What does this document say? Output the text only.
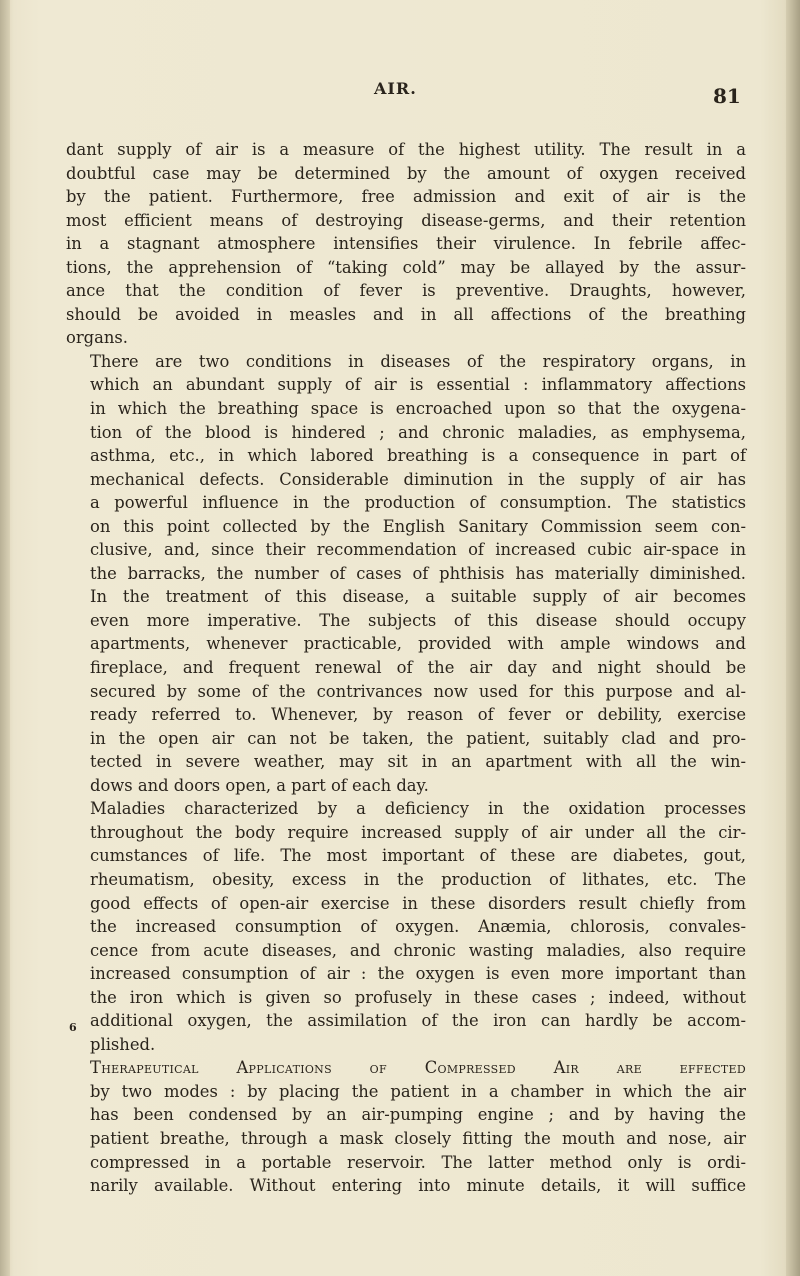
AIR.	81

dant supply of air is a measure of the highest utility. The result in a
doubtful case may be determined by the amount of oxygen received
by the patient. Furthermore, free admission and exit of air is the
most efficient means of destroying disease-germs, and their retention
in a stagnant atmosphere intensifies their virulence. In febrile affec-
tions, the apprehension of “taking cold” may be allayed by the assur-
ance that the condition of fever is preventive. Draughts, however,
should be avoided in measles and in all affections of the breathing
organs.

There are two conditions in diseases of the respiratory organs, in
which an abundant supply of air is essential : inflammatory affections
in which the breathing space is encroached upon so that the oxygena-
tion of the blood is hindered ; and chronic maladies, as emphysema,
asthma, etc., in which labored breathing is a consequence in part of
mechanical defects. Considerable diminution in the supply of air has
a powerful influence in the production of consumption. The statistics
on this point collected by the English Sanitary Commission seem con-
clusive, and, since their recommendation of increased cubic air-space in
the barracks, the number of cases of phthisis has materially diminished.
In the treatment of this disease, a suitable supply of air becomes
even more imperative. The subjects of this disease should occupy
apartments, whenever practicable, provided with ample windows and
fireplace, and frequent renewal of the air day and night should be
secured by some of the contrivances now used for this purpose and al-
ready referred to. Whenever, by reason of fever or debility, exercise
in the open air can not be taken, the patient, suitably clad and pro-
tected in severe weather, may sit in an apartment with all the win-
dows and doors open, a part of each day.

Maladies characterized by a deficiency in the oxidation processes
throughout the body require increased supply of air under all the cir-
cumstances of life. The most important of these are diabetes, gout,
rheumatism, obesity, excess in the production of lithates, etc. The
good effects of open-air exercise in these disorders result chiefly from
the increased consumption of oxygen. Anæmia, chlorosis, convales-
cence from acute diseases, and chronic wasting maladies, also require
increased consumption of air : the oxygen is even more important than
the iron which is given so profusely in these cases ; indeed, without
additional oxygen, the assimilation of the iron can hardly be accom-
plished.

Therapeutical Applications of Compressed Air are effected
by two modes : by placing the patient in a chamber in which the air
has been condensed by an air-pumping engine ; and by having the
patient breathe, through a mask closely fitting the mouth and nose, air
compressed in a portable reservoir. The latter method only is ordi-
narily available. Without entering into minute details, it will suffice

6
